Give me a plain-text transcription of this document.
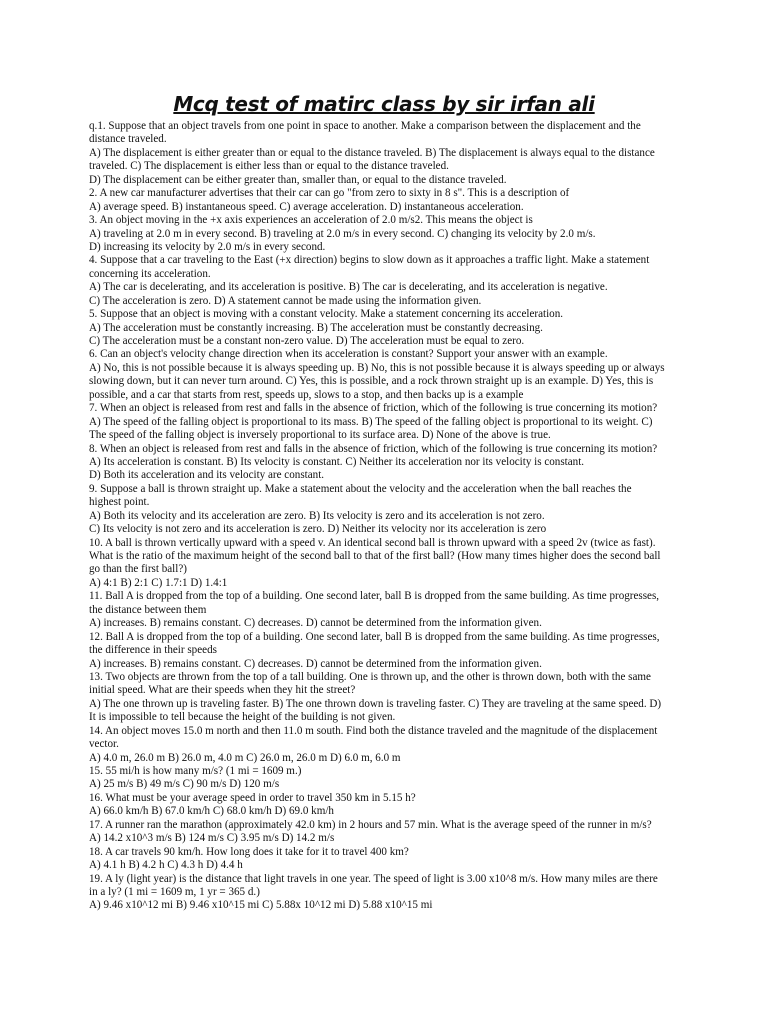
Mcq test of matirc class by sir irfan ali
q.1. Suppose that an object travels from one point in space to another. Make a comparison between the displacement and the
distance traveled.
A) The displacement is either greater than or equal to the distance traveled. B) The displacement is always equal to the distance
traveled. C) The displacement is either less than or equal to the distance traveled.
D) The displacement can be either greater than, smaller than, or equal to the distance traveled.
2. A new car manufacturer advertises that their car can go "from zero to sixty in 8 s". This is a description of
A) average speed. B) instantaneous speed. C) average acceleration. D) instantaneous acceleration.
3. An object moving in the +x axis experiences an acceleration of 2.0 m/s2. This means the object is
A) traveling at 2.0 m in every second. B) traveling at 2.0 m/s in every second. C) changing its velocity by 2.0 m/s.
D) increasing its velocity by 2.0 m/s in every second.
4. Suppose that a car traveling to the East (+x direction) begins to slow down as it approaches a traffic light. Make a statement
concerning its acceleration.
A) The car is decelerating, and its acceleration is positive. B) The car is decelerating, and its acceleration is negative.
C) The acceleration is zero. D) A statement cannot be made using the information given.
5. Suppose that an object is moving with a constant velocity. Make a statement concerning its acceleration.
A) The acceleration must be constantly increasing. B) The acceleration must be constantly decreasing.
C) The acceleration must be a constant non-zero value. D) The acceleration must be equal to zero.
6. Can an object's velocity change direction when its acceleration is constant? Support your answer with an example.
A) No, this is not possible because it is always speeding up. B) No, this is not possible because it is always speeding up or always
slowing down, but it can never turn around. C) Yes, this is possible, and a rock thrown straight up is an example. D) Yes, this is
possible, and a car that starts from rest, speeds up, slows to a stop, and then backs up is a example
7. When an object is released from rest and falls in the absence of friction, which of the following is true concerning its motion?
A) The speed of the falling object is proportional to its mass. B) The speed of the falling object is proportional to its weight. C)
The speed of the falling object is inversely proportional to its surface area. D) None of the above is true.
8. When an object is released from rest and falls in the absence of friction, which of the following is true concerning its motion?
A) Its acceleration is constant. B) Its velocity is constant. C) Neither its acceleration nor its velocity is constant.
D) Both its acceleration and its velocity are constant.
9. Suppose a ball is thrown straight up. Make a statement about the velocity and the acceleration when the ball reaches the
highest point.
A) Both its velocity and its acceleration are zero. B) Its velocity is zero and its acceleration is not zero.
C) Its velocity is not zero and its acceleration is zero. D) Neither its velocity nor its acceleration is zero
10. A ball is thrown vertically upward with a speed v. An identical second ball is thrown upward with a speed 2v (twice as fast).
What is the ratio of the maximum height of the second ball to that of the first ball? (How many times higher does the second ball
go than the first ball?)
A) 4:1 B) 2:1 C) 1.7:1 D) 1.4:1
11. Ball A is dropped from the top of a building. One second later, ball B is dropped from the same building. As time progresses,
the distance between them
A) increases. B) remains constant. C) decreases. D) cannot be determined from the information given.
12. Ball A is dropped from the top of a building. One second later, ball B is dropped from the same building. As time progresses,
the difference in their speeds
A) increases. B) remains constant. C) decreases. D) cannot be determined from the information given.
13. Two objects are thrown from the top of a tall building. One is thrown up, and the other is thrown down, both with the same
initial speed. What are their speeds when they hit the street?
A) The one thrown up is traveling faster. B) The one thrown down is traveling faster. C) They are traveling at the same speed. D)
It is impossible to tell because the height of the building is not given.
14. An object moves 15.0 m north and then 11.0 m south. Find both the distance traveled and the magnitude of the displacement
vector.
A) 4.0 m, 26.0 m B) 26.0 m, 4.0 m C) 26.0 m, 26.0 m D) 6.0 m, 6.0 m
15. 55 mi/h is how many m/s? (1 mi = 1609 m.)
A) 25 m/s B) 49 m/s C) 90 m/s D) 120 m/s
16. What must be your average speed in order to travel 350 km in 5.15 h?
A) 66.0 km/h B) 67.0 km/h C) 68.0 km/h D) 69.0 km/h
17. A runner ran the marathon (approximately 42.0 km) in 2 hours and 57 min. What is the average speed of the runner in m/s?
A) 14.2 x10^3 m/s B) 124 m/s C) 3.95 m/s D) 14.2 m/s
18. A car travels 90 km/h. How long does it take for it to travel 400 km?
A) 4.1 h B) 4.2 h C) 4.3 h D) 4.4 h
19. A ly (light year) is the distance that light travels in one year. The speed of light is 3.00 x10^8 m/s. How many miles are there
in a ly? (1 mi = 1609 m, 1 yr = 365 d.)
A) 9.46 x10^12 mi B) 9.46 x10^15 mi C) 5.88x 10^12 mi D) 5.88 x10^15 mi
